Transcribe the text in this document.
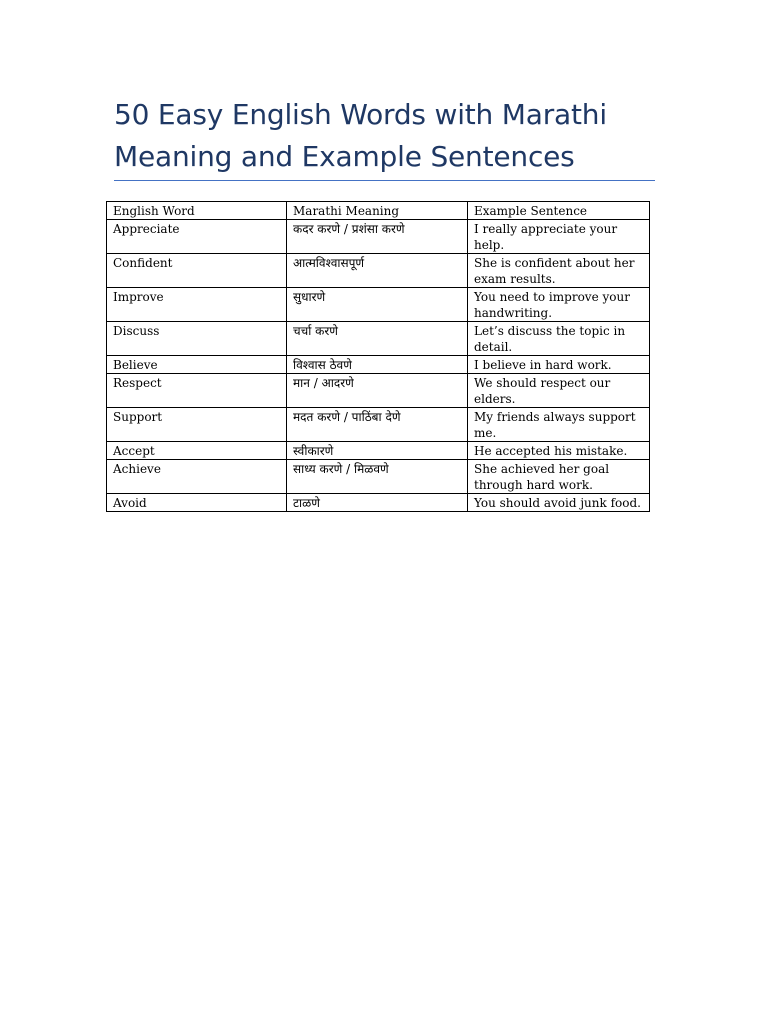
50 Easy English Words with Marathi Meaning and Example Sentences
English Word	Marathi Meaning	Example Sentence
Appreciate	कदर करणे / प्रशंसा करणे	I really appreciate your help.
Confident	आत्मविश्वासपूर्ण	She is confident about her exam results.
Improve	सुधारणे	You need to improve your handwriting.
Discuss	चर्चा करणे	Let’s discuss the topic in detail.
Believe	विश्वास ठेवणे	I believe in hard work.
Respect	मान / आदरणे	We should respect our elders.
Support	मदत करणे / पाठिंबा देणे	My friends always support me.
Accept	स्वीकारणे	He accepted his mistake.
Achieve	साध्य करणे / मिळवणे	She achieved her goal through hard work.
Avoid	टाळणे	You should avoid junk food.
